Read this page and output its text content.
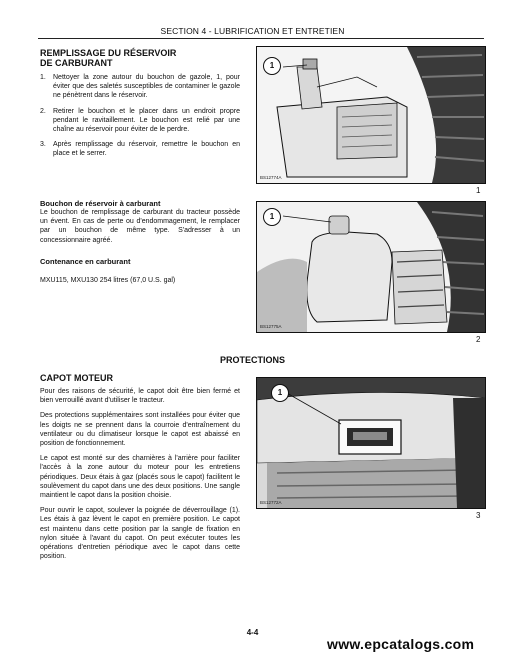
SECTION 4 - LUBRIFICATION ET ENTRETIEN
REMPLISSAGE DU RÉSERVOIR
DE CARBURANT
1.	Nettoyer la zone autour du bouchon de gazole, 1, pour éviter que des saletés susceptibles de contaminer le gazole ne pénètrent dans le réservoir.
2.	Retirer le bouchon et le placer dans un endroit propre pendant le ravitaillement. Le bouchon est relié par une chaîne au réservoir pour éviter de le perdre.
3.	Après remplissage du réservoir, remettre le bouchon en place et le serrer.
Bouchon de réservoir à carburant
Le bouchon de remplissage de carburant du tracteur possède un évent. En cas de perte ou d'endommagement, le remplacer par un bouchon de même type. S'adresser à un concessionnaire agréé.
Contenance en carburant
MXU115, MXU130 254 litres (67,0 U.S. gal)
1
BS12774A
1
1
BS12775A
2
PROTECTIONS
CAPOT MOTEUR
Pour des raisons de sécurité, le capot doit être bien fermé et bien verrouillé avant d'utiliser le tracteur.
Des protections supplémentaires sont installées pour éviter que les doigts ne se prennent dans la courroie d'entraînement du ventilateur ou du climatiseur lorsque le capot est abaissé en position de fonctionnement.
Le capot est monté sur des charnières à l'arrière pour faciliter l'accès à la zone autour du moteur pour les entretiens périodiques. Deux étais à gaz (placés sous le capot) facilitent le soulèvement du capot dans une des deux positions. Une sangle maintient le capot dans la position choisie.
Pour ouvrir le capot, soulever la poignée de déverrouillage (1). Les étais à gaz lèvent le capot en première position. Le capot est maintenu dans cette position par la sangle de fixation en nylon située à l'avant du capot. On peut exécuter toutes les opérations d'entretien périodique avec le capot dans cette position.
1
BS12772A
3
4-4
www.epcatalogs.com
